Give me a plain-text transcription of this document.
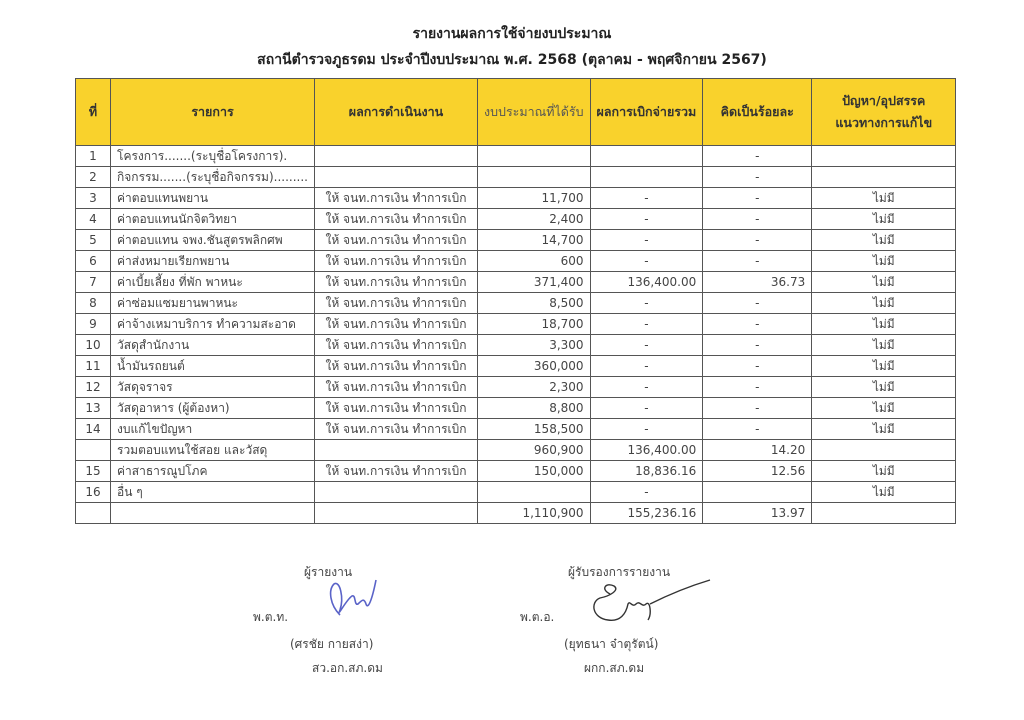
รายงานผลการใช้จ่ายงบประมาณ
สถานีตำรวจภูธรดม ประจำปีงบประมาณ พ.ศ. 2568 (ตุลาคม - พฤศจิกายน 2567)
ที่	รายการ	ผลการดำเนินงาน	งบประมาณที่ได้รับ	ผลการเบิกจ่ายรวม	คิดเป็นร้อยละ	ปัญหา/อุปสรรค
แนวทางการแก้ไข

1	โครงการ.......(ระบุชื่อโครงการ).				-	
2	กิจกรรม.......(ระบุชื่อกิจกรรม).........				-	
3	ค่าตอบแทนพยาน	ให้ จนท.การเงิน ทำการเบิก	11,700	-	-	ไม่มี
4	ค่าตอบแทนนักจิตวิทยา	ให้ จนท.การเงิน ทำการเบิก	2,400	-	-	ไม่มี
5	ค่าตอบแทน จพง.ชันสูตรพลิกศพ	ให้ จนท.การเงิน ทำการเบิก	14,700	-	-	ไม่มี
6	ค่าส่งหมายเรียกพยาน	ให้ จนท.การเงิน ทำการเบิก	600	-	-	ไม่มี
7	ค่าเบี้ยเลี้ยง ที่พัก พาหนะ	ให้ จนท.การเงิน ทำการเบิก	371,400	136,400.00	36.73	ไม่มี
8	ค่าซ่อมแซมยานพาหนะ	ให้ จนท.การเงิน ทำการเบิก	8,500	-	-	ไม่มี
9	ค่าจ้างเหมาบริการ ทำความสะอาด	ให้ จนท.การเงิน ทำการเบิก	18,700	-	-	ไม่มี
10	วัสดุสำนักงาน	ให้ จนท.การเงิน ทำการเบิก	3,300	-	-	ไม่มี
11	น้ำมันรถยนต์	ให้ จนท.การเงิน ทำการเบิก	360,000	-	-	ไม่มี
12	วัสดุจราจร	ให้ จนท.การเงิน ทำการเบิก	2,300	-	-	ไม่มี
13	วัสดุอาหาร (ผู้ต้องหา)	ให้ จนท.การเงิน ทำการเบิก	8,800	-	-	ไม่มี
14	งบแก้ไขปัญหา	ให้ จนท.การเงิน ทำการเบิก	158,500	-	-	ไม่มี
	รวมตอบแทนใช้สอย และวัสดุ		960,900	136,400.00	14.20	
15	ค่าสาธารณูปโภค	ให้ จนท.การเงิน ทำการเบิก	150,000	18,836.16	12.56	ไม่มี
16	อื่น ๆ			-		ไม่มี
			1,110,900	155,236.16	13.97	
ผู้รายงาน
พ.ต.ท.
(ศรชัย กายสง่า)
สว.อก.สภ.ดม
ผู้รับรองการรายงาน
พ.ต.อ.
(ยุทธนา จ๋าตุรัตน์)
ผกก.สภ.ดม
